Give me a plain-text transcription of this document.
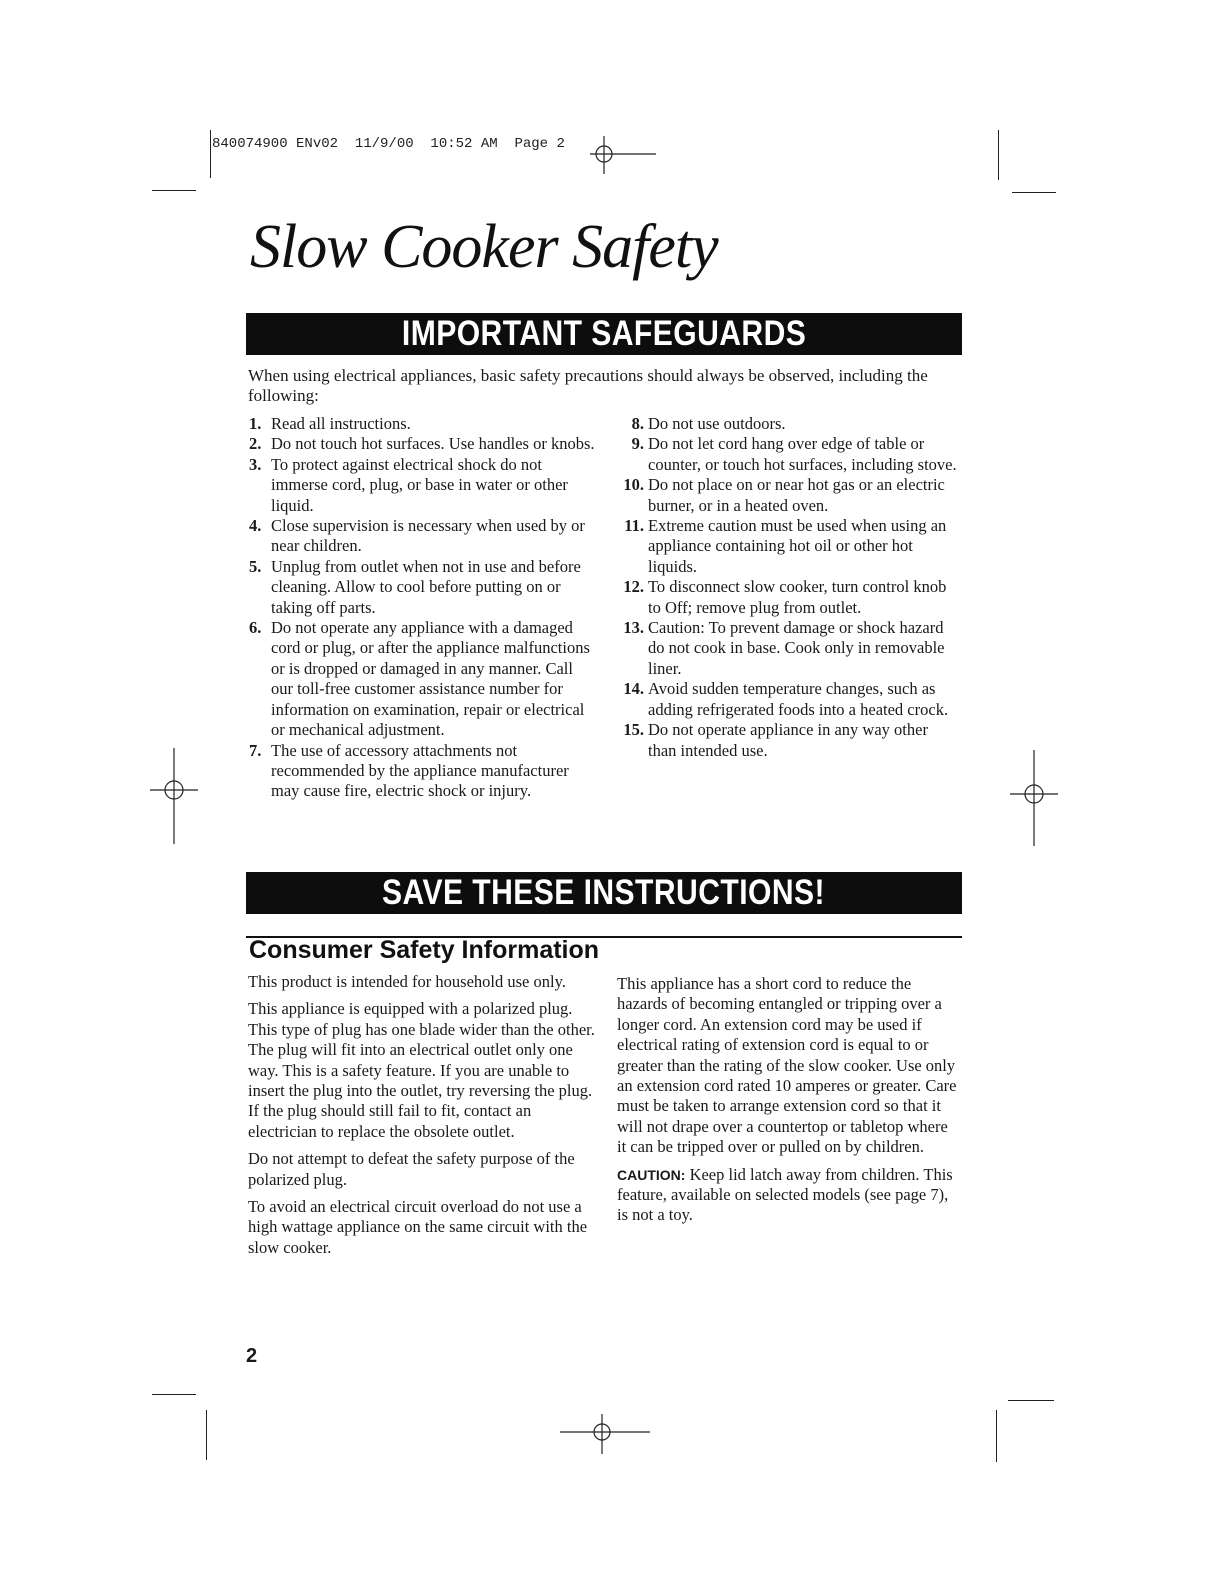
840074900 ENv02  11/9/00  10:52 AM  Page 2
Slow Cooker Safety
IMPORTANT SAFEGUARDS
When using electrical appliances, basic safety precautions should always be observed, including the following:
1. Read all instructions.
2. Do not touch hot surfaces. Use handles or knobs.
3. To protect against electrical shock do not immerse cord, plug, or base in water or other liquid.
4. Close supervision is necessary when used by or near children.
5. Unplug from outlet when not in use and before cleaning. Allow to cool before putting on or taking off parts.
6. Do not operate any appliance with a damaged cord or plug, or after the appliance malfunctions or is dropped or damaged in any manner. Call our toll-free customer assistance number for information on examination, repair or electrical or mechanical adjustment.
7. The use of accessory attachments not recommended by the appliance manufacturer may cause fire, electric shock or injury.
8. Do not use outdoors.
9. Do not let cord hang over edge of table or counter, or touch hot surfaces, including stove.
10. Do not place on or near hot gas or an electric burner, or in a heated oven.
11. Extreme caution must be used when using an appliance containing hot oil or other hot liquids.
12. To disconnect slow cooker, turn control knob to Off; remove plug from outlet.
13. Caution: To prevent damage or shock hazard do not cook in base. Cook only in removable liner.
14. Avoid sudden temperature changes, such as adding refrigerated foods into a heated crock.
15. Do not operate appliance in any way other than intended use.
SAVE THESE INSTRUCTIONS!
Consumer Safety Information

This product is intended for household use only.

This appliance is equipped with a polarized plug. This type of plug has one blade wider than the other. The plug will fit into an electrical outlet only one way. This is a safety feature. If you are unable to insert the plug into the outlet, try reversing the plug. If the plug should still fail to fit, contact an electrician to replace the obsolete outlet.

Do not attempt to defeat the safety purpose of the polarized plug.

To avoid an electrical circuit overload do not use a high wattage appliance on the same circuit with the slow cooker.

This appliance has a short cord to reduce the hazards of becoming entangled or tripping over a longer cord. An extension cord may be used if electrical rating of extension cord is equal to or greater than the rating of the slow cooker. Use only an extension cord rated 10 amperes or greater. Care must be taken to arrange extension cord so that it will not drape over a countertop or tabletop where it can be tripped over or pulled on by children.

CAUTION: Keep lid latch away from children. This feature, available on selected models (see page 7), is not a toy.

2
